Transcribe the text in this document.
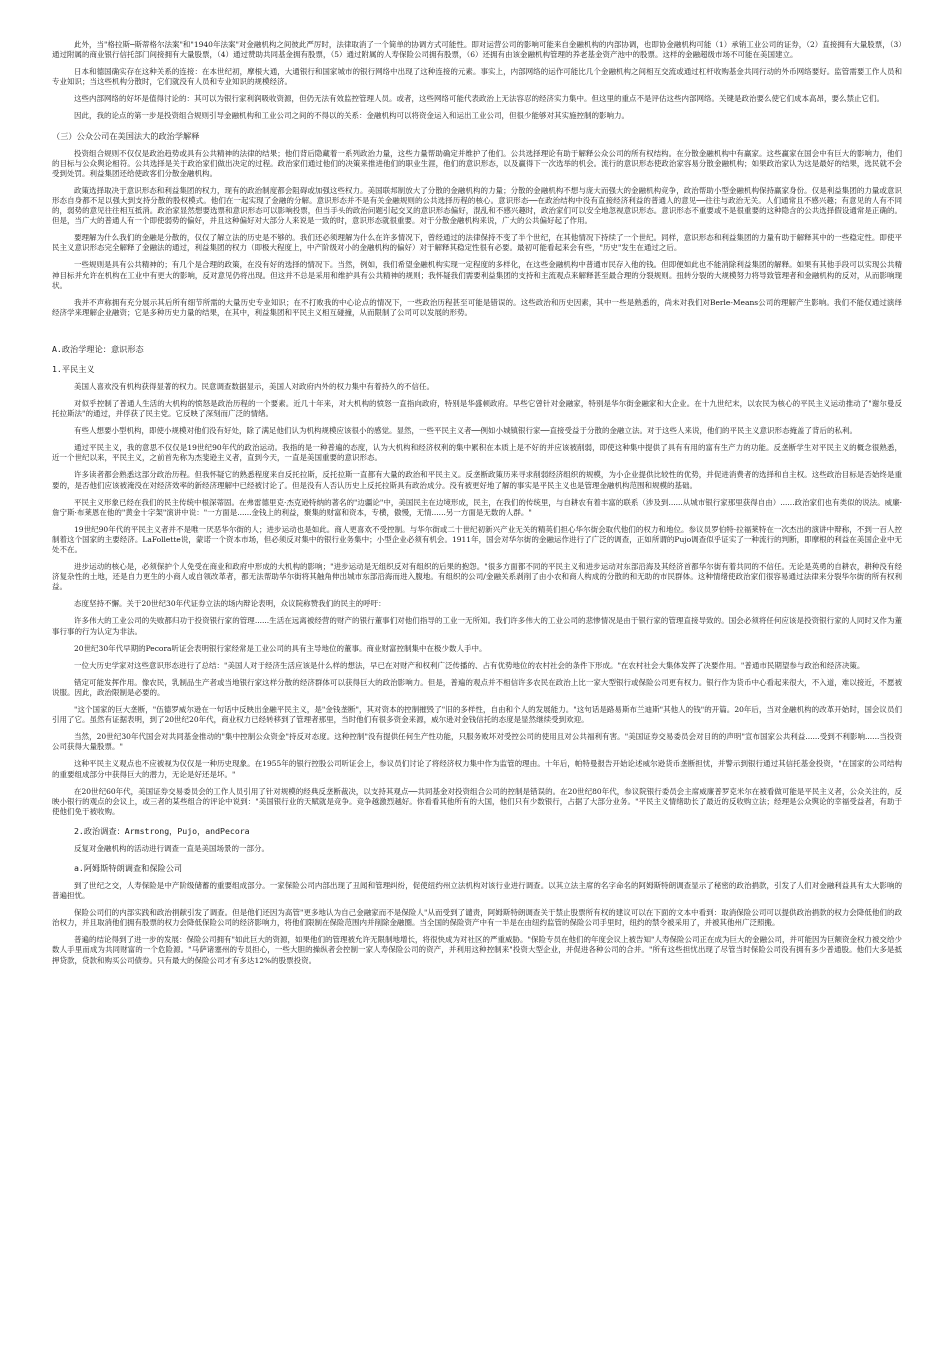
此外，当"格拉斯─斯蒂格尔法案"和"1940年法案"对金融机构之间彼此严厉时，法律取消了一个简单的协调方式可能性。即对运营公司的影响可能来自金融机构的内部协调，也即协金融机构可能（1）承销工业公司的证券，（2）直接拥有大量股票，（3）通过附属的商业银行信托部门间接拥有大量股票，（4）通过赞助共同基金拥有股票，（5）通过附属的人寿保险公司拥有股票，（6）还拥有由该金融机构管理的养老基金资产池中的股票。这样的金融超级市场不可能在美国建立。

日本和德国确实存在这种关系的连接：在本世纪初，摩根大通，大通银行和国家城市的银行网络中出现了这种连接的元素。事实上，内部网络的运作可能比几个金融机构之间相互交流或通过杠杆收购基金共同行动的外币网络要好。监管需要工作人员和专业知识；当这些机构分散时，它们就没有人员和专业知识的规模经济。

这些内部网络的好坏是值得讨论的：其可以为银行家利润吸收资源，但仍无法有效监控管理人员。或者，这些网络可能代表政治上无法容忍的经济实力集中。但这里的重点不是评估这些内部网络。关键是政治要么使它们成本高昂，要么禁止它们。

因此，我的论点的第一步是投资组合规则引导金融机构和工业公司之间的不得以的关系：金融机构可以将资金运入和运出工业公司，但很少能够对其实施控制的影响力。

（三）公众公司在美国法大的政治学解释

投资组合规则不仅仅是政治趋势或具有公共精神的法律的结果；他们背后隐藏着一系列政治力量，这些力量帮助确定并维护了他们。公共选择理论有助于解释公众公司的所有权结构。在分散金融机构中有赢家。这些赢家在国会中有巨大的影响力，他们的目标与公众舆论相符。公共选择是关于政治家们做出决定的过程。政治家们通过他们的决策来推进他们的职业生涯，他们的意识形态，以及赢得下一次选举的机会。流行的意识形态使政治家容易分散金融机构；如果政治家认为这是最好的结果，选民就不会受到处罚。利益集团还给使政客们分散金融机构。

政策选择取决于意识形态和利益集团的权力，现有的政治制度都会阻碍或加强这些权力。美国联邦制放大了分散的金融机构的力量；分散的金融机构不想与庞大而强大的金融机构竞争，政治帮助小型金融机构保持赢家身份。仅是利益集团的力量或意识形态自身都不足以强大到支持分散的股权模式。他们在一起实现了金融的分解。意识形态并不是有关金融规则的公共选择历程的核心。意识形态──在政治结构中没有直接经济利益的普通人的意见──往往与政治无关。人们通常且不感兴趣；有意见的人有不同的，弱势的意见往往相互抵消。政治家显然想要选票和意识形态可以影响投票，但当手头的政治问题引起交叉的意识形态偏好，混乱和不感兴趣时，政治家们可以安全地忽视意识形态。意识形态不重要或不是很重要的这种隐含的公共选择假设通常是正确的。但是，当广大的普通人有一个即使弱势的偏好，并且这种偏好对大部分人来说是一致的时，意识形态就很重要。对于分散金融机构来说，广大的公共偏好起了作用。

要理解为什么我们的金融是分散的，仅仅了解立法的历史是不够的。我们还必须理解为什么在许多情况下，曾经通过的法律保持不变了半个世纪，在其他情况下持续了一个世纪。同样，意识形态和利益集团的力量有助于解释其中的一些稳定性。即使平民主义意识形态完全解释了金融法的通过，利益集团的权力（即极大程度上，中产阶级对小的金融机构的偏好）对于解释其稳定性很有必要。最初可能看起来会有些，"历史"发生在通过之后。

一些规则是具有公共精神的；有几个是合理的政策，在没有好的选择的情况下。当然，例如，我们希望金融机构实现一定程度的多样化，在这些金融机构中普通市民存入他的钱。但即便如此也不能消除利益集团的解释。如果有其他手段可以实现公共精神目标并允许在机构在工业中有更大的影响，反对意见仍将出现。但这并不总是采用和维护具有公共精神的规则；我怀疑我们需要利益集团的支持和主流观点来解释甚至最合理的分裂规则。扭转分裂的大规模努力将导致管理者和金融机构的反对，从而影响现状。

我并不声称拥有充分展示其后所有细节所需的大量历史专业知识；在不打败我的中心论点的情况下，一些政治历程甚至可能是错误的。这些政治和历史因素，其中一些是熟悉的，尚未对我们对Berle-Means公司的理解产生影响。我们不能仅通过演绎经济学来理解企业融资；它是多种历史力量的结果，在其中，利益集团和平民主义相互碰撞，从而限制了公司可以发展的形势。

A.政治学理论：意识形态

1.平民主义

美国人喜欢没有机构获得显著的权力。民意调查数据显示，美国人对政府内外的权力集中有着持久的不信任。

对似乎控制了普通人生活的大机构的愤怒是政治历程的一个要素。近几十年来，对大机构的愤怒一直指向政府，特别是华盛顿政府。早些它曾针对金融家，特别是华尔街金融家和大企业。在十九世纪末，以农民为核心的平民主义运动推动了"谢尔曼反托拉斯法"的通过，并俘获了民主党。它反映了深刻而广泛的情绪。

有些人想要小型机构，即使小规模对他们没有好处，除了满足他们认为机构规模应该很小的感觉。显然，一些平民主义者──例如小城镇银行家──直接受益于分散的金融立法。对于这些人来说，他们的平民主义意识形态掩盖了背后的私利。

通过平民主义，我的意思不仅仅是19世纪90年代的政治运动。我指的是一种普遍的态度，认为大机构和经济权利的集中累积在本质上是不好的并应该被削弱，即使这种集中提供了具有有用的富有生产力的功能。反垄断学生对平民主义的概念很熟悉，近一个世纪以来，平民主义，之前首先称为杰斐逊主义者，直到今天，一直是美国重要的意识形态。

许多读者都会熟悉这部分政治历程。但我怀疑它的熟悉程度来自反托拉斯，反托拉斯一直都有大量的政治和平民主义。反垄断政策历来寻求削弱经济组织的规模，为小企业提供比较性的优势，并促进消费者的选择和自主权。这些政治目标是否始终是重要的，是否他们应该被淹没在对经济效率的新经济理解中已经被讨论了。但是没有人否认历史上反托拉斯具有政治成分。没有被更好地了解的事实是平民主义也是管理金融机构范围和规模的基础。

平民主义形象已经在我们的民主传统中根深蒂固。在弗雷德里克·杰克逊特纳的著名的"边疆论"中，美国民主在边境形成，民主，在我们的传统里，与自耕农有着丰富的联系（涉及到......从城市银行家那里获得自由）......政治家们也有类似的说法。威廉·詹宁斯·布莱恩在他的"黄金十字架"演讲中说："一方面是......金钱上的利益，聚集的财富和资本，专横，傲慢，无情......另一方面是无数的人群。"

19世纪90年代的平民主义者并不是唯一厌恶华尔街的人；进步运动也是如此。商人更喜欢不受控制。与华尔街或二十世纪初新兴产业无关的精英们担心华尔街会取代他们的权力和地位。参议员罗伯特·拉福莱特在一次杰出的演讲中辩称，不到一百人控制着这个国家的主要经济。LaFollette说，蒙诺一个资本市场，但必须反对集中的银行业务集中；小型企业必须有机会。1911年，国会对华尔街的金融运作进行了广泛的调查，正如所谓的Pujo调查似乎证实了一种流行的判断，即摩根的利益在美国企业中无处不在。

进步运动的核心是，必须保护个人免受在商业和政府中形成的大机构的影响；"进步运动是无组织反对有组织的后果的抱怨。"很多方面都不同的平民主义和进步运动对东部沿海及其经济首都华尔街有着共同的不信任。无论是英勇的自耕农，耕种没有经济复杂性的土地，还是自力更生的小商人或自领改革者，都无法帮助华尔街将其触角伸出城市东部沿海而进入腹地。有组织的公司/金融关系剥削了由小农和商人构成的分散的和无助的市民群体。这种情绪使政治家们很容易通过法律来分裂华尔街的所有权利益。

态度坚持不懈。关于20世纪30年代证券立法的场内辩论表明，众议院称赞我们的民主的呼吁：

许多伟大的工业公司的失败都归功于投资银行家的管理......生活在远离被经营的财产的银行董事们对他们指导的工业一无所知。我们许多伟大的工业公司的悲惨情况是由于银行家的管理直接导致的。国会必须将任何应该是投资银行家的人同时又作为董事行事的行为认定为非法。

20世纪30年代早期的Pecora听证会表明银行家经常是工业公司的具有主导地位的董事。商业财富控制集中在极少数人手中。

一位大历史学家对这些意识形态进行了总结："美国人对于经济生活应该是什么样的想法，早已在对财产和权利广泛传播的、占有优势地位的农村社会的条件下形成。"在农村社会大集体发挥了决要作用。"普通市民期望参与政治和经济决策。

错定可能发挥作用。像农民，乳制品生产者或当地银行家这样分散的经济群体可以获得巨大的政治影响力。但是，普遍的观点并不相信许多农民在政治上比一家大型银行或保险公司更有权力。银行作为货币中心看起来很大，不入道，难以接近，不愿被说服。因此，政治限制是必要的。

"这个国家的巨大垄断，"伍德罗威尔逊在一句话中反映出金融平民主义，是"金钱垄断"，其对资本的控制摧毁了"旧的多样性，自由和个人的发展能力。"这句话是路易斯布兰迪斯"其他人的钱"的开篇。20年后，当对金融机构的改革开始时，国会议员们引用了它。虽然有证据表明，到了20世纪20年代，商业权力已经转移到了管理者那里，当时他们有很多资金来源，威尔逊对金钱信托的态度是显然继续受到欢迎。

当然，20世纪30年代国会对共同基金推动的"集中控制公众资金"持反对态度。这种控制"没有提供任何生产性功能，只服务败坏对受控公司的使用且对公共福利有害。"美国证券交易委员会对目的的声明"宣布国家公共利益......受到不利影响......当投资公司获得大量股票。"

这种平民主义观点也不应被视为仅仅是一种历史现象。在1955年的银行控股公司听证会上，参议员们讨论了将经济权力集中作为监管的理由。十年后，帕特曼报告开始论述威尔逊货币垄断担忧，并警示到银行通过其信托基金投资，"在国家的公司结构的重要组成部分中获得巨大的潜力，无论是好还是坏。"

在20世纪60年代，美国证券交易委员会的工作人员引用了针对规模的经典反垄断裁决，以支持其观点──共同基金对投资组合公司的控制是错误的。在20世纪80年代，参议院银行委员会主席威廉普罗克米尔在被看做可能是平民主义者，公众关注的，反映小银行的观点的会议上，或三者的某些组合的评论中说到："美国银行业的天赋就是竞争。竞争越激烈越好。你看看其他所有的大国，他们只有少数银行，占据了大部分业务。"平民主义情绪助长了最近的反收购立法；经理是公众舆论的幸福受益者，有助于使他们免于被收购。

2.政治调查：Armstrong，Pujo，andPecora

反复对金融机构的活动进行调查一直是美国场景的一部分。

a.阿姆斯特朗调查和保险公司

到了世纪之交，人寿保险是中产阶级储蓄的重要组成部分。一家保险公司内部出现了丑闻和管理纠纷，促使纽约州立法机构对该行业进行调查。以其立法主席的名字命名的阿姆斯特朗调查显示了秘密的政治捐款，引发了人们对金融利益具有太大影响的普遍担忧。

保险公司们的内部实践和政治捐献引发了调查。但是他们还因为高管"更多地认为自己金融家而不是保险人"从而受到了谴责，阿姆斯特朗调查关于禁止股票所有权的建议可以在下面的文本中看到：取消保险公司可以提供政治捐款的权力会降低他们的政治权力，并且取消他们拥有股票的权力会降低保险公司的经济影响力，将他们限制在保险范围内并削除金融圈。当全国的保险资产中有一半是在由纽约监管的保险公司手里时，纽约的禁令被采用了，并被其他州广泛照搬。

普遍的结论得到了进一步的发展：保险公司拥有"如此巨大的资源，如果他们的管理被允许无限制地增长，将很快成为对社区的严重威胁。"保险专员在他们的年度会议上被告知"人寿保险公司正在成为巨大的金融公司，并可能因为巨额资金权力被交给少数人手里而成为共同财富的一个危险源。"马萨诸塞州的专员担心，一些大胆的操纵者会控制一家人寿保险公司的资产，并利用这种控制来"投资大型企业，并促进各种公司的合并。"所有这些担忧出现了尽管当时保险公司没有拥有多少普通股。他们大多是抵押贷款，贷款和购买公司债券。只有最大的保险公司才有多达12%的股票投资。
